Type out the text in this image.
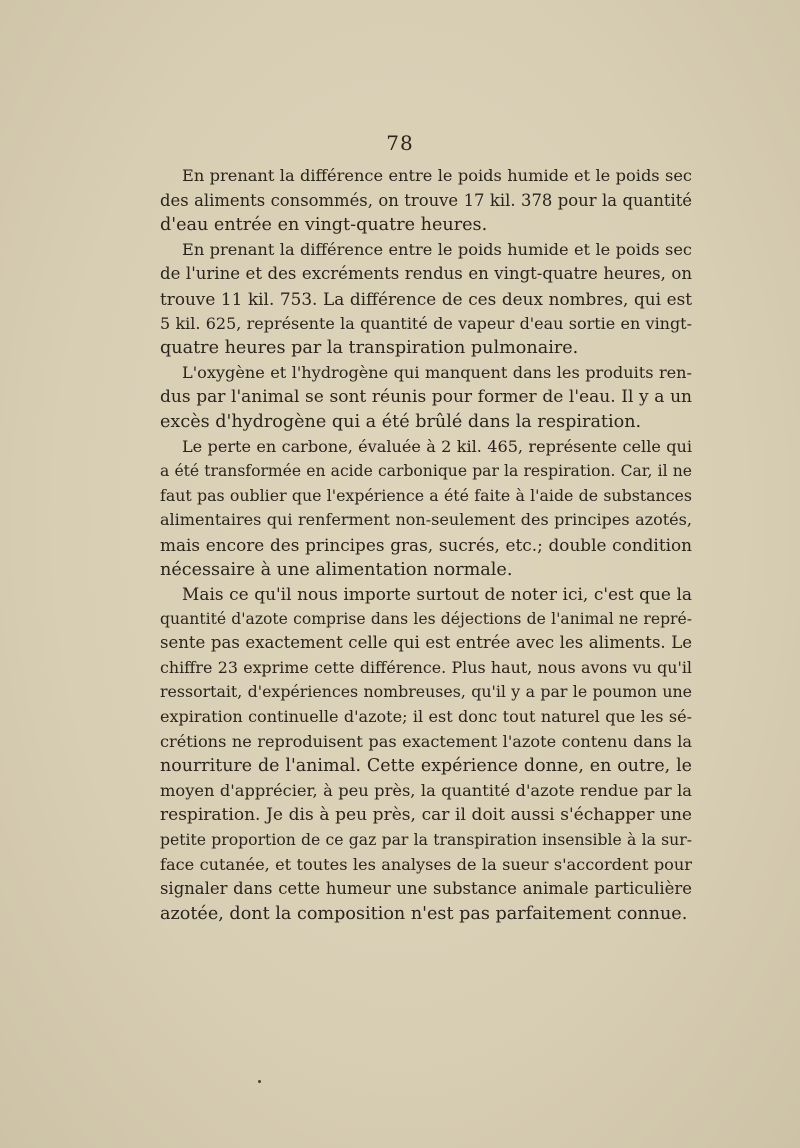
78
En prenant la différence entre le poids humide et le poids sec
des aliments consommés, on trouve 17 kil. 378 pour la quantité
d'eau entrée en vingt-quatre heures.
En prenant la différence entre le poids humide et le poids sec
de l'urine et des excréments rendus en vingt-quatre heures, on
trouve 11 kil. 753. La différence de ces deux nombres, qui est
5 kil. 625, représente la quantité de vapeur d'eau sortie en vingt-
quatre heures par la transpiration pulmonaire.
L'oxygène et l'hydrogène qui manquent dans les produits ren-
dus par l'animal se sont réunis pour former de l'eau. Il y a un
excès d'hydrogène qui a été brûlé dans la respiration.
Le perte en carbone, évaluée à 2 kil. 465, représente celle qui
a été transformée en acide carbonique par la respiration. Car, il ne
faut pas oublier que l'expérience a été faite à l'aide de substances
alimentaires qui renferment non-seulement des principes azotés,
mais encore des principes gras, sucrés, etc.; double condition
nécessaire à une alimentation normale.
Mais ce qu'il nous importe surtout de noter ici, c'est que la
quantité d'azote comprise dans les déjections de l'animal ne repré-
sente pas exactement celle qui est entrée avec les aliments. Le
chiffre 23 exprime cette différence. Plus haut, nous avons vu qu'il
ressortait, d'expériences nombreuses, qu'il y a par le poumon une
expiration continuelle d'azote; il est donc tout naturel que les sé-
crétions ne reproduisent pas exactement l'azote contenu dans la
nourriture de l'animal. Cette expérience donne, en outre, le
moyen d'apprécier, à peu près, la quantité d'azote rendue par la
respiration. Je dis à peu près, car il doit aussi s'échapper une
petite proportion de ce gaz par la transpiration insensible à la sur-
face cutanée, et toutes les analyses de la sueur s'accordent pour
signaler dans cette humeur une substance animale particulière
azotée, dont la composition n'est pas parfaitement connue.
